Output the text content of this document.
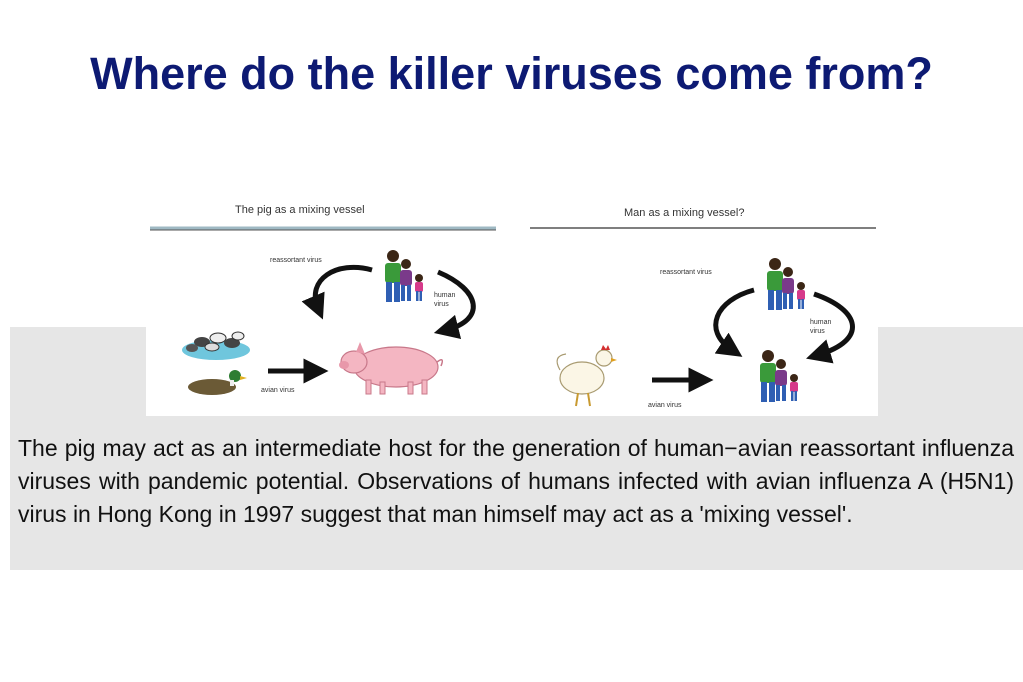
Where do the killer viruses come from?
The pig as a mixing vessel
reassortant virus
human
virus
avian virus
Man as a mixing vessel?
reassortant virus
human
virus
avian virus

The pig may act as an intermediate host for the generation of human−avian reassortant influenza viruses with pandemic potential. Observations of humans infected with avian influenza A (H5N1) virus in Hong Kong in 1997 suggest that man himself may act as a 'mixing vessel'.
